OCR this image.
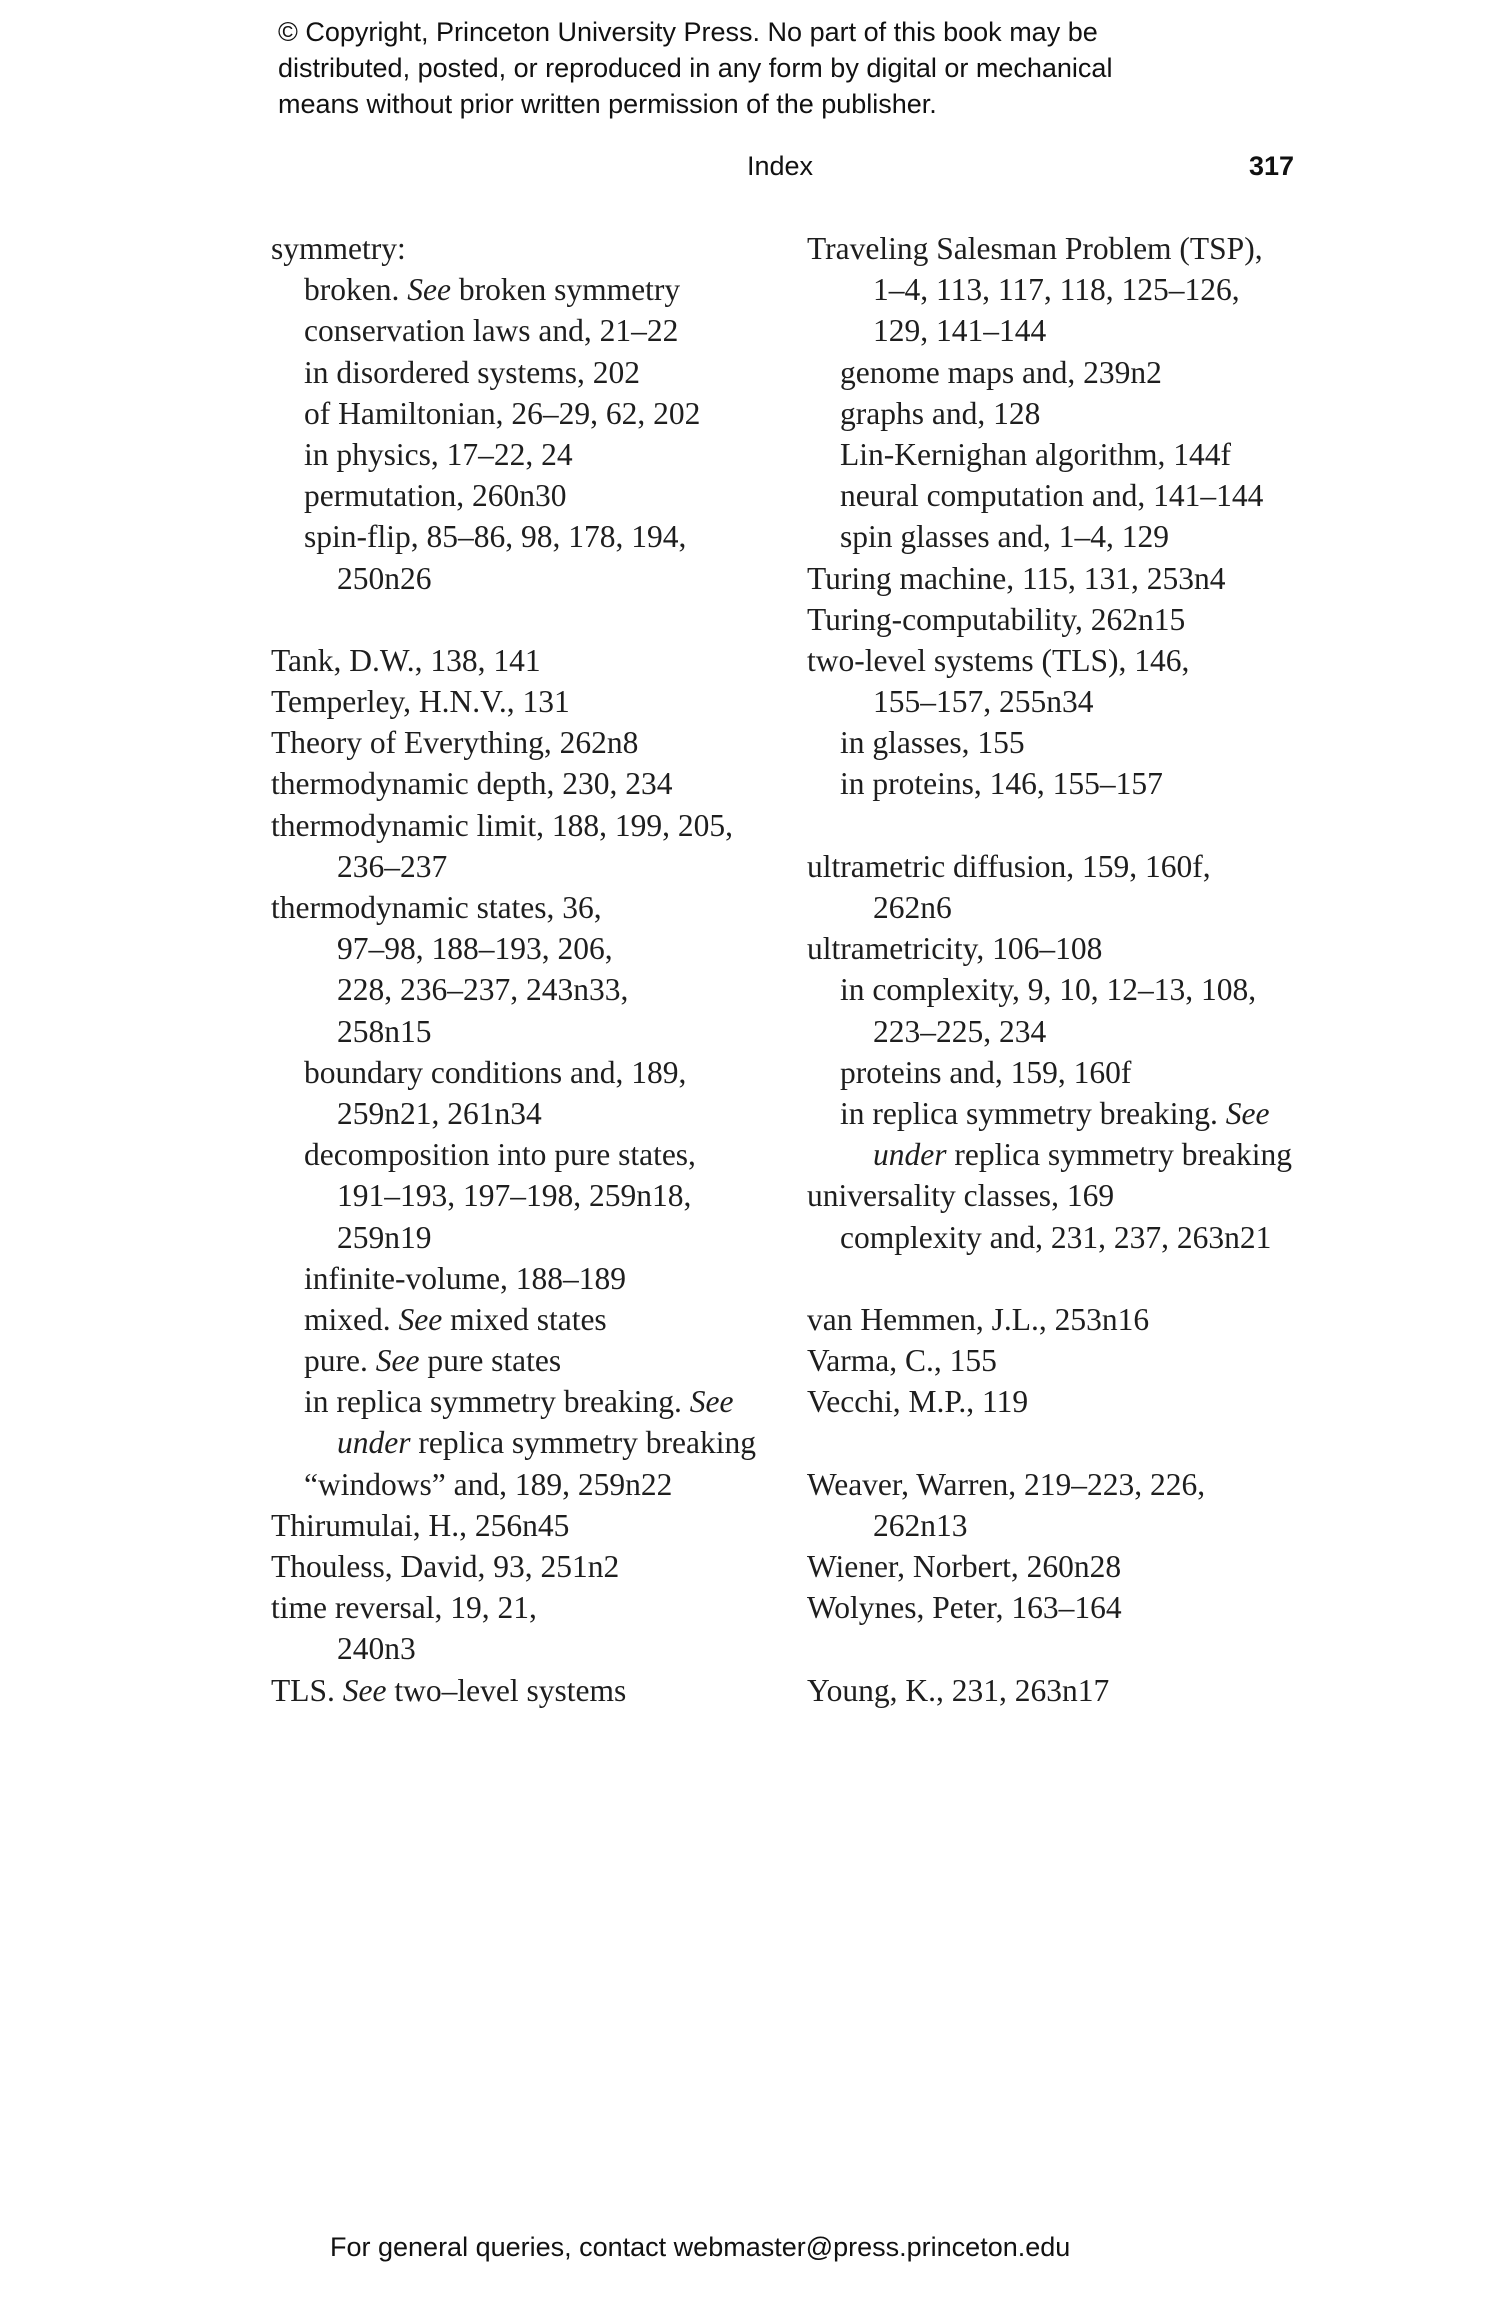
© Copyright, Princeton University Press. No part of this book may be
distributed, posted, or reproduced in any form by digital or mechanical
means without prior written permission of the publisher.
Index	317
symmetry:
broken. See broken symmetry
conservation laws and, 21–22
in disordered systems, 202
of Hamiltonian, 26–29, 62, 202
in physics, 17–22, 24
permutation, 260n30
spin-flip, 85–86, 98, 178, 194,
250n26
Tank, D.W., 138, 141
Temperley, H.N.V., 131
Theory of Everything, 262n8
thermodynamic depth, 230, 234
thermodynamic limit, 188, 199, 205,
236–237
thermodynamic states, 36,
97–98, 188–193, 206,
228, 236–237, 243n33,
258n15
boundary conditions and, 189,
259n21, 261n34
decomposition into pure states,
191–193, 197–198, 259n18,
259n19
infinite-volume, 188–189
mixed. See mixed states
pure. See pure states
in replica symmetry breaking. See
under replica symmetry breaking
“windows” and, 189, 259n22
Thirumulai, H., 256n45
Thouless, David, 93, 251n2
time reversal, 19, 21,
240n3
TLS. See two–level systems
Traveling Salesman Problem (TSP),
1–4, 113, 117, 118, 125–126,
129, 141–144
genome maps and, 239n2
graphs and, 128
Lin-Kernighan algorithm, 144f
neural computation and, 141–144
spin glasses and, 1–4, 129
Turing machine, 115, 131, 253n4
Turing-computability, 262n15
two-level systems (TLS), 146,
155–157, 255n34
in glasses, 155
in proteins, 146, 155–157
ultrametric diffusion, 159, 160f,
262n6
ultrametricity, 106–108
in complexity, 9, 10, 12–13, 108,
223–225, 234
proteins and, 159, 160f
in replica symmetry breaking. See
under replica symmetry breaking
universality classes, 169
complexity and, 231, 237, 263n21
van Hemmen, J.L., 253n16
Varma, C., 155
Vecchi, M.P., 119
Weaver, Warren, 219–223, 226,
262n13
Wiener, Norbert, 260n28
Wolynes, Peter, 163–164
Young, K., 231, 263n17
For general queries, contact webmaster@press.princeton.edu
